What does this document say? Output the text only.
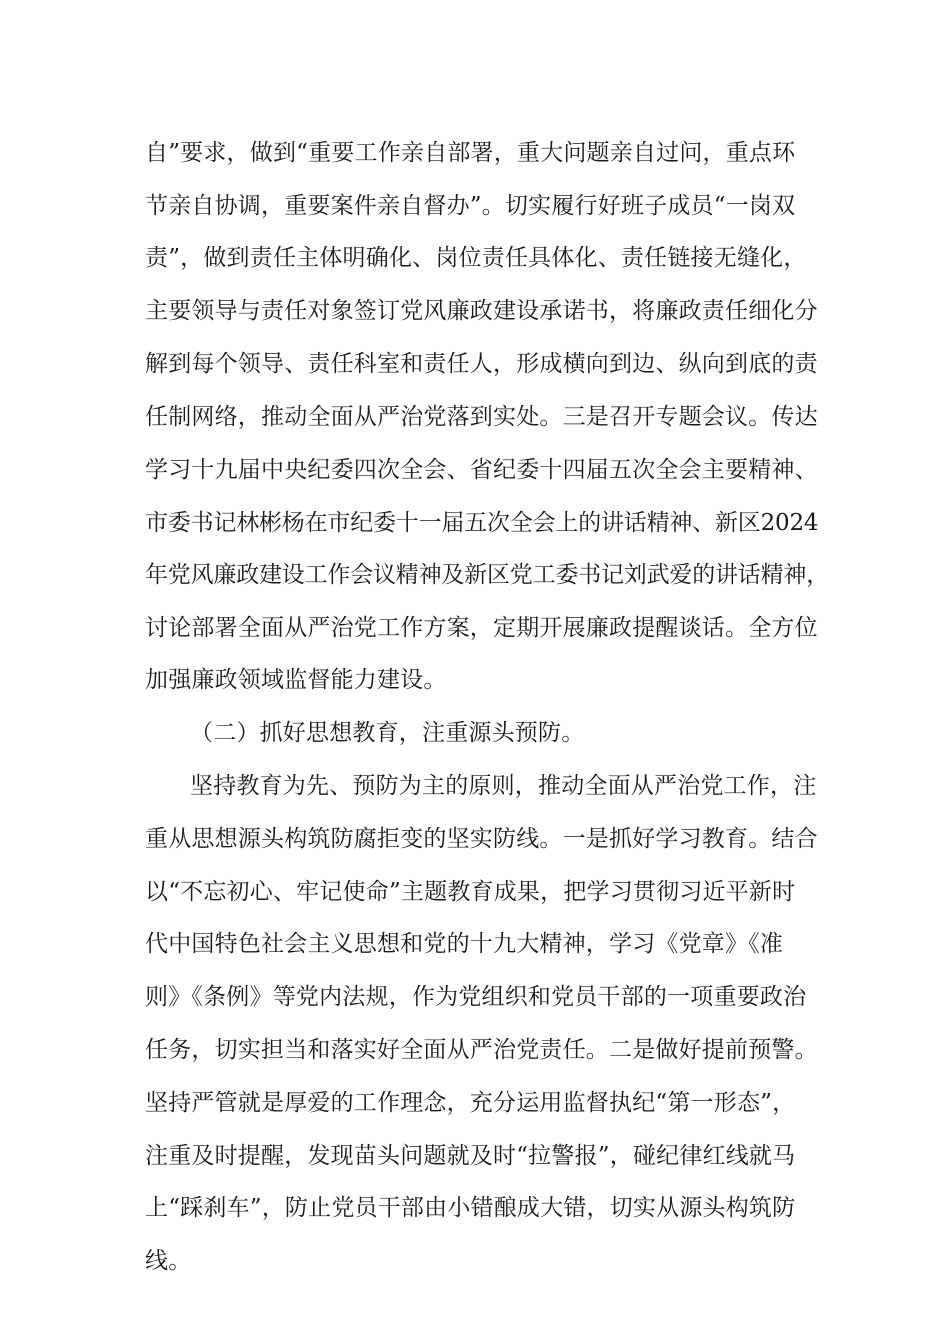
自”要求，做到“重要工作亲自部署，重大问题亲自过问，重点环
节亲自协调，重要案件亲自督办”。切实履行好班子成员“一岗双
责”，做到责任主体明确化、岗位责任具体化、责任链接无缝化，
主要领导与责任对象签订党风廉政建设承诺书，将廉政责任细化分
解到每个领导、责任科室和责任人，形成横向到边、纵向到底的责
任制网络，推动全面从严治党落到实处。三是召开专题会议。传达
学习十九届中央纪委四次全会、省纪委十四届五次全会主要精神、
市委书记林彬杨在市纪委十一届五次全会上的讲话精神、新区2024
年党风廉政建设工作会议精神及新区党工委书记刘武爱的讲话精神，
讨论部署全面从严治党工作方案，定期开展廉政提醒谈话。全方位
加强廉政领域监督能力建设。
（二）抓好思想教育，注重源头预防。
坚持教育为先、预防为主的原则，推动全面从严治党工作，注
重从思想源头构筑防腐拒变的坚实防线。一是抓好学习教育。结合
以“不忘初心、牢记使命”主题教育成果，把学习贯彻习近平新时
代中国特色社会主义思想和党的十九大精神，学习《党章》《准
则》《条例》等党内法规，作为党组织和党员干部的一项重要政治
任务，切实担当和落实好全面从严治党责任。二是做好提前预警。
坚持严管就是厚爱的工作理念，充分运用监督执纪“第一形态”，
注重及时提醒，发现苗头问题就及时“拉警报”，碰纪律红线就马
上“踩刹车”，防止党员干部由小错酿成大错，切实从源头构筑防
线。
